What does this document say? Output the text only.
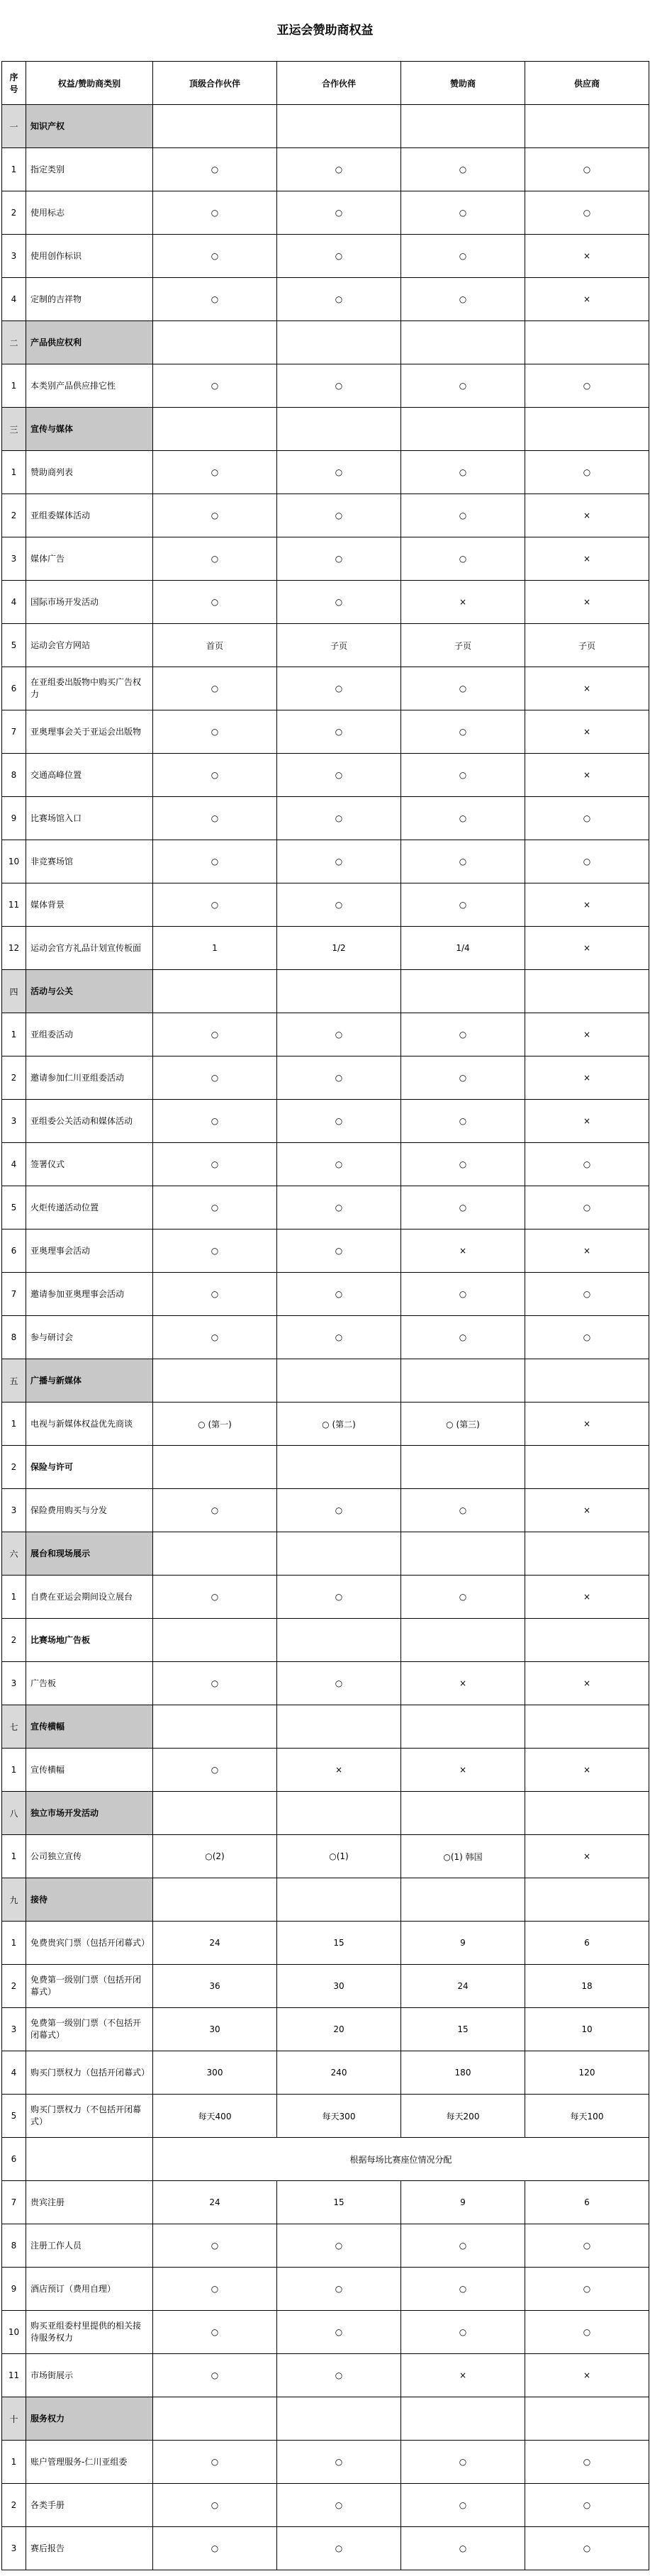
亚运会赞助商权益
序号	权益/赞助商类别	顶级合作伙伴	合作伙伴	赞助商	供应商
一	知识产权				
1	指定类别	○	○	○	○
2	使用标志	○	○	○	○
3	使用创作标识	○	○	○	×
4	定制的吉祥物	○	○	○	×
二	产品供应权利				
1	本类别产品供应排它性	○	○	○	○
三	宣传与媒体				
1	赞助商列表	○	○	○	○
2	亚组委媒体活动	○	○	○	×
3	媒体广告	○	○	○	×
4	国际市场开发活动	○	○	×	×
5	运动会官方网站	首页	子页	子页	子页
6	在亚组委出版物中购买广告权力	○	○	○	×
7	亚奥理事会关于亚运会出版物	○	○	○	×
8	交通高峰位置	○	○	○	×
9	比赛场馆入口	○	○	○	○
10	非竞赛场馆	○	○	○	○
11	媒体背景	○	○	○	×
12	运动会官方礼品计划宣传板面	1	1/2	1/4	×
四	活动与公关				
1	亚组委活动	○	○	○	×
2	邀请参加仁川亚组委活动	○	○	○	×
3	亚组委公关活动和媒体活动	○	○	○	×
4	签署仪式	○	○	○	○
5	火炬传递活动位置	○	○	○	○
6	亚奥理事会活动	○	○	×	×
7	邀请参加亚奥理事会活动	○	○	○	○
8	参与研讨会	○	○	○	○
五	广播与新媒体				
1	电视与新媒体权益优先商谈	○ (第一)	○ (第二)	○ (第三)	×
2	保险与许可				
3	保险费用购买与分发	○	○	○	×
六	展台和现场展示				
1	自费在亚运会期间设立展台	○	○	○	×
2	比赛场地广告板				
3	广告板	○	○	×	×
七	宣传横幅				
1	宣传横幅	○	×	×	×
八	独立市场开发活动				
1	公司独立宣传	○(2)	○(1)	○(1) 韩国	×
九	接待				
1	免费贵宾门票（包括开闭幕式）	24	15	9	6
2	免费第一级别门票（包括开闭幕式）	36	30	24	18
3	免费第一级别门票（不包括开闭幕式）	30	20	15	10
4	购买门票权力（包括开闭幕式）	300	240	180	120
5	购买门票权力（不包括开闭幕式）	每天400	每天300	每天200	每天100
6		根据每场比赛座位情况分配			
7	贵宾注册	24	15	9	6
8	注册工作人员	○	○	○	○
9	酒店预订（费用自理）	○	○	○	○
10	购买亚组委村里提供的相关接待服务权力	○	○	○	○
11	市场街展示	○	○	×	×
十	服务权力				
1	账户管理服务-仁川亚组委	○	○	○	○
2	各类手册	○	○	○	○
3	赛后报告	○	○	○	○
